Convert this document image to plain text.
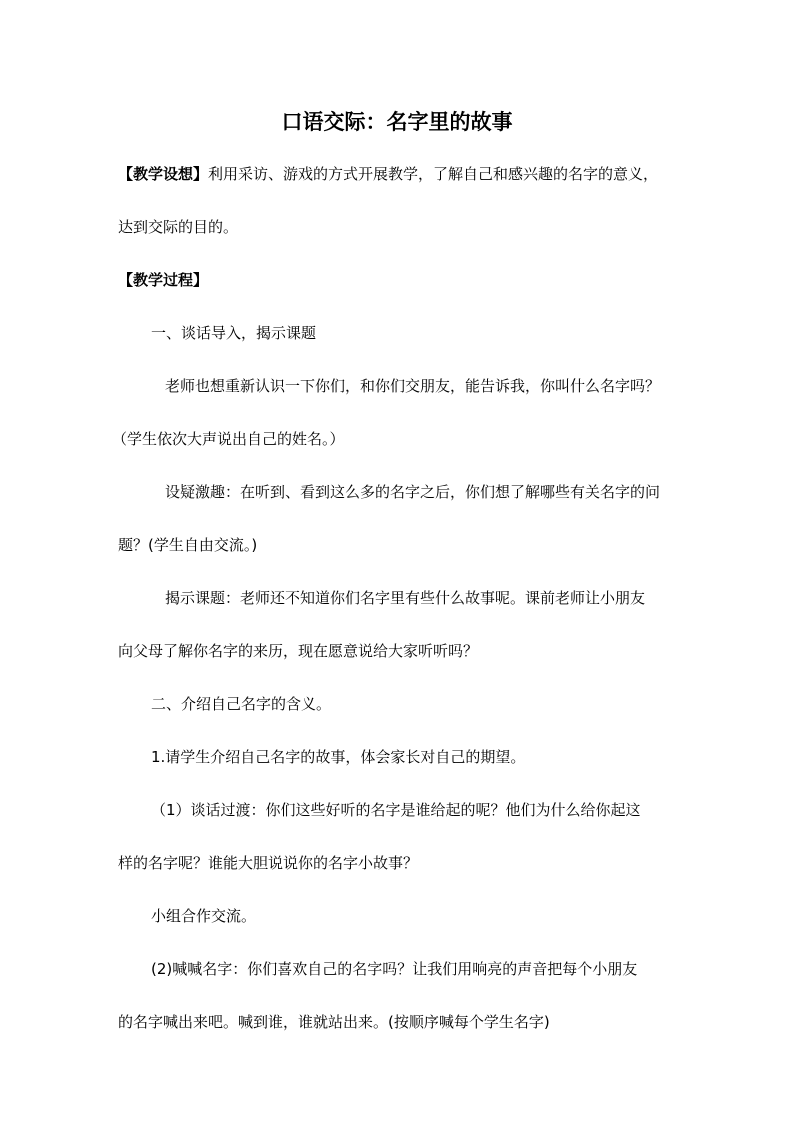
口语交际：名字里的故事
【教学设想】利用采访、游戏的方式开展教学，了解自己和感兴趣的名字的意义，
达到交际的目的。
【教学过程】
一、谈话导入，揭示课题
老师也想重新认识一下你们，和你们交朋友，能告诉我，你叫什么名字吗？
（学生依次大声说出自己的姓名。）
设疑激趣：在听到、看到这么多的名字之后，你们想了解哪些有关名字的问
题？(学生自由交流。)
揭示课题：老师还不知道你们名字里有些什么故事呢。课前老师让小朋友
向父母了解你名字的来历，现在愿意说给大家听听吗？
二、介绍自己名字的含义。
1.请学生介绍自己名字的故事，体会家长对自己的期望。
（1）谈话过渡：你们这些好听的名字是谁给起的呢？他们为什么给你起这
样的名字呢？谁能大胆说说你的名字小故事？
小组合作交流。
(2)喊喊名字：你们喜欢自己的名字吗？让我们用响亮的声音把每个小朋友
的名字喊出来吧。喊到谁，谁就站出来。(按顺序喊每个学生名字)
